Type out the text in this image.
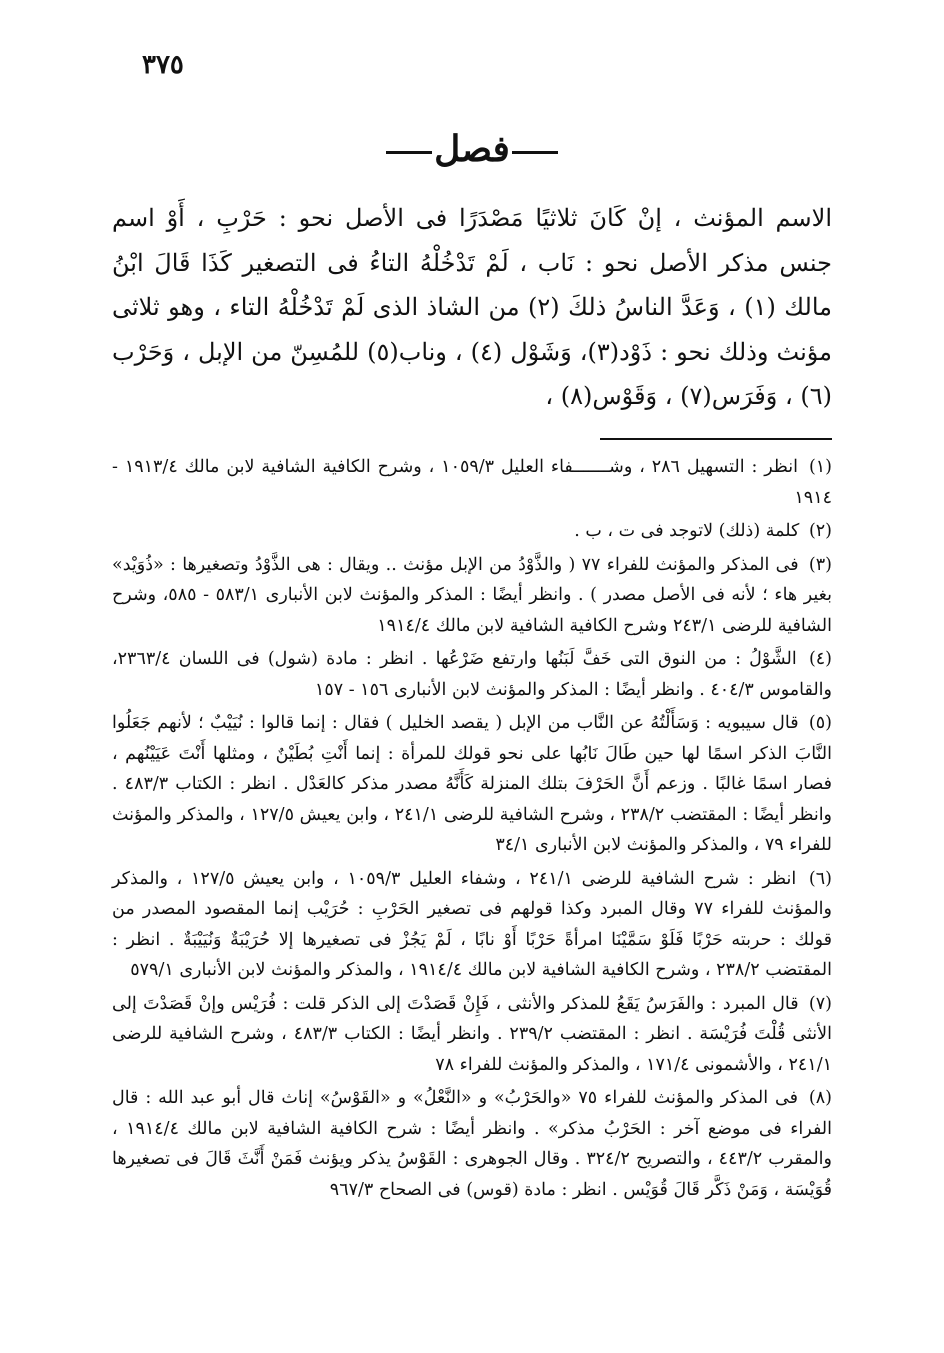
٣٧٥
فصل

الاسم المؤنث ، إنْ كَانَ ثلاثيًا مَصْدَرًا فى الأصل نحو : حَرْبِ ، أَوْ اسم جنس مذكر الأصل نحو : نَاب ، لَمْ تَدْخُلْهُ التاءُ فى التصغير كَذَا قَالَ ابْنُ مالك (١) ، وَعَدَّ الناسُ ذلكَ (٢) من الشاذ الذى لَمْ تَدْخُلْهُ التاء ، وهو ثلاثى مؤنث وذلك نحو : ذَوْد(٣)، وَشَوْل (٤) ، وناب(٥) للمُسِنّ من الإبل ، وَحَرْب (٦) ، وَفَرَس(٧) ، وَقَوْس(٨) ،

(١) انظر : التسهيل ٢٨٦ ، وشـــــــفاء العليل ١٠٥٩/٣ ، وشرح الكافية الشافية لابن مالك ١٩١٣/٤ - ١٩١٤

(٢) كلمة (ذلك) لاتوجد فى ت ، ب .

(٣) فى المذكر والمؤنث للفراء ٧٧ ( والذَّوْدُ من الإبل مؤنث .. ويقال : هى الذَّوْدُ وتصغيرها : «ذُوَيْد» بغير هاء ؛ لأنه فى الأصل مصدر ) . وانظر أيضًا : المذكر والمؤنث لابن الأنبارى ٥٨٣/١ - ٥٨٥، وشرح الشافية للرضى ٢٤٣/١ وشرح الكافية الشافية لابن مالك ١٩١٤/٤

(٤) الشَّوْلُ : من النوق التى خَفَّ لَبَنُها وارتفع ضَرْعُها . انظر : مادة (شول) فى اللسان ٢٣٦٣/٤، والقاموس ٤٠٤/٣ . وانظر أيضًا : المذكر والمؤنث لابن الأنبارى ١٥٦ - ١٥٧

(٥) قال سيبويه : وَسَأَلْتُهُ عن النَّاب من الإبل ( يقصد الخليل ) فقال : إنما قالوا : نُيَيْبٌ ؛ لأنهم جَعَلُوا النَّابَ الذكر اسمًا لها حين طَالَ نَابُها على نحو قولك للمرأة : إنما أَنْتِ بُطَيْنٌ ، ومثلها أَنْتَ عَيَيْنُهم ، فصار اسمًا غالبًا . وزعم أَنَّ الحَرْفَ بتلك المنزلة كَأَنَّهُ مصدر مذكر كالعَدْل . انظر : الكتاب ٤٨٣/٣ . وانظر أيضًا : المقتضب ٢٣٨/٢ ، وشرح الشافية للرضى ٢٤١/١ ، وابن يعيش ١٢٧/٥ ، والمذكر والمؤنث للفراء ٧٩ ، والمذكر والمؤنث لابن الأنبارى ٣٤/١

(٦) انظر : شرح الشافية للرضى ٢٤١/١ ، وشفاء العليل ١٠٥٩/٣ ، وابن يعيش ١٢٧/٥ ، والمذكر والمؤنث للفراء ٧٧ وقال المبرد وكذا قولهم فى تصغير الحَرْبِ : حُرَيْب إنما المقصود المصدر من قولك : حربته حَرْبًا فَلَوْ سَمَّيْنَا امرأةً حَرْبًا أَوْ نابًا ، لَمْ يَجُزْ فى تصغيرها إلا حُرَيْبَةٌ وَنُيَيْبَةٌ . انظر : المقتضب ٢٣٨/٢ ، وشرح الكافية الشافية لابن مالك ١٩١٤/٤ ، والمذكر والمؤنث لابن الأنبارى ٥٧٩/١

(٧) قال المبرد : والفَرَسُ يَقَعُ للمذكر والأنثى ، فَإِنْ قَصَدْتَ إلى الذكر قلت : فُرَيْس وإنْ قَصَدْتَ إلى الأنثى قُلْتَ فُرَيْسَة . انظر : المقتضب ٢٣٩/٢ . وانظر أيضًا : الكتاب ٤٨٣/٣ ، وشرح الشافية للرضى ٢٤١/١ ، والأشمونى ١٧١/٤ ، والمذكر والمؤنث للفراء ٧٨

(٨) فى المذكر والمؤنث للفراء ٧٥ «والحَرْبُ» و «النَّعْلُ» و «القَوْسُ» إناث قال أبو عبد الله : قال الفراء فى موضع آخر : الحَرْبُ مذكر» . وانظر أيضًا : شرح الكافية الشافية لابن مالك ١٩١٤/٤ ، والمقرب ٤٤٣/٢ ، والتصريح ٣٢٤/٢ . وقال الجوهرى : القَوْسُ يذكر ويؤنث فَمَنْ أَنَّثَ قَالَ فى تصغيرها قُوَيْسَة ، وَمَنْ ذَكَّر قَالَ قُوَيْس . انظر : مادة (قوس) فى الصحاح ٩٦٧/٣
